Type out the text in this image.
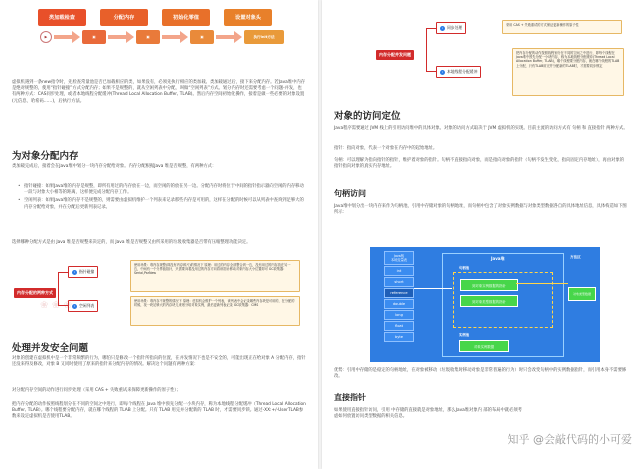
类加载检查	分配内存	初始化零值	设置对象头
▶	▣	▣	▣	执行init方法
虚拟机遇到一条new指令时，先检查常量池是否已加载相应的类，如果没有，必须先执行相应的类加载。类加载通过后，接下来分配内存。若Java堆中内存是绝对规整的，使用“指针碰撞”方式分配内存；如果不是规整的，就从空闲列表中分配，叫做“空闲列表”方式。划分内存时还需要考虑一个问题-并发，也有两种方式：CAS同步处理，或者本地线程分配缓冲(Thread Local Allocation Buffer, TLAB)。然后内存空间初始化操作，接着是做一些必要的对象设置(元信息、哈希码……)，后执行方法。
为对象分配内存
类加载完成后，接着会在Java堆中划分一块内存分配给对象。内存分配根据Java 堆是否规整，有两种方式：
• 指针碰撞：如果Java堆的内存是规整，即所有用过的内存放在一边，而空闲的的放在另一边。分配内存时将位于中间的指针指示器向空闲的内存移动一段与对象大小相等的距离，这样便完成分配内存工作。
• 空闲列表：如果Java堆的内存不是规整的，则需要由虚拟机维护一个列表来记录那些内存是可用的，这样在分配的时候可以从列表中查询到足够大的内存分配给对象，并在分配后更新列表记录。
选择哪种分配方式是由 Java 堆是否规整来决定的，而 Java 堆是否规整又由所采用的垃圾收集器是否带有压缩整理功能决定。
内存分配的两种方式
i	指针碰撞
i	空闲列表
使用场景：堆内存规整(即没有内存碎片)的情况下 原理：用过的内存全部整合到一边，没有用过的内存放在另一边，中间有一个分界值指针，只需要向着没用过的内存方向将该指针移动对象内存大小位置即可 GC收集器：Serial,ParNew
使用场景：堆内存不规整的情况下 原理：虚拟机会维护一个列表，该列表中会记录哪些内存块是可用的，在分配的时候，找一块足够大的内存块儿来划分给对象实例，最后更新列表记录 GC收集器：CMS
❀ ❀ ❀
处理并发安全问题
对象的创建在虚拟机中是一个非常频繁的行为，哪怕只是修改一个指针所指向的位置，在并发情况下也是不安全的，可能出现正在给对象 A 分配内存，指针还没来得及修改，对象 B 又同时使用了原来的指针来分配内存的情况。解决这个问题有两种方案：
对分配内存空间的动作进行同步处理（采用 CAS + 失败重试来保障更新操作的原子性）；
把内存分配的动作按照线程划分在不同的空间之中进行，即每个线程在 Java 堆中预先分配一小块内存，称为本地线程分配缓冲（Thread Local Allocation Buffer, TLAB）。哪个线程要分配内存，就在哪个线程的 TLAB 上分配。只有 TLAB 用完并分配新的 TLAB 时，才需要同步锁。通过-XX:+/-UserTLAB参数来设定虚拟机是否使用TLAB。
内存分配并发问题
i	同步处理
i	本地线程分配缓冲
采用 CAS + 失败重试的方式保证更新操作的原子性
把内存分配的动作按照线程划分在不同的空间之中进行，即每个线程在Java堆中预先分配一小块内存，称为本地线程分配缓冲(Thread Local Allocation Buffer, TLAB)，哪个线程要分配内存，就在哪个线程的TLAB上分配，只有TLAB用完并分配新的TLAB时，才需要同步锁定
对象的访问定位
Java程序需要通过 JVM 栈上的引用访问堆中的具体对象。对象的访问方式取决于 JVM 虚拟机的实现。目前主流的访问方式有 句柄 和 直接指针 两种方式。
指针：指向对象，代表一个对象在内存中的起始地址。
句柄：可以理解为指向指针的指针，维护着对象的指针。句柄不直接指向对象，而是指向对象的指针（句柄不发生变化，指向固定内存地址），再由对象的指针指向对象的真实内存地址。
句柄访问
Java堆中划分出一块内存来作为句柄池，引用中存储对象的句柄地址，而句柄中包含了对象实例数据与对象类型数据各自的具体地址信息，具体构造如下图所示：
Java栈
本地变量表
int
short
reference
double
long
float
byte
Java堆
句柄池
到对象实例数据的指针
到对象类型数据的指针
实例池
对象实例数据
方法区
对象类型数据
优势：引用中存储的是稳定的句柄地址，在对象被移动（垃圾收集时移动对象是非常普遍的行为）时只会改变句柄中的实例数据指针，而引用本身不需要修改。
直接指针
如果使用直接指针访问，引用 中存储的直接就是对象地址，那么Java堆对象内 部的布局中就必须考虑如何放置访问类型数据的相关信息。
知乎 @会敲代码的小可爱
